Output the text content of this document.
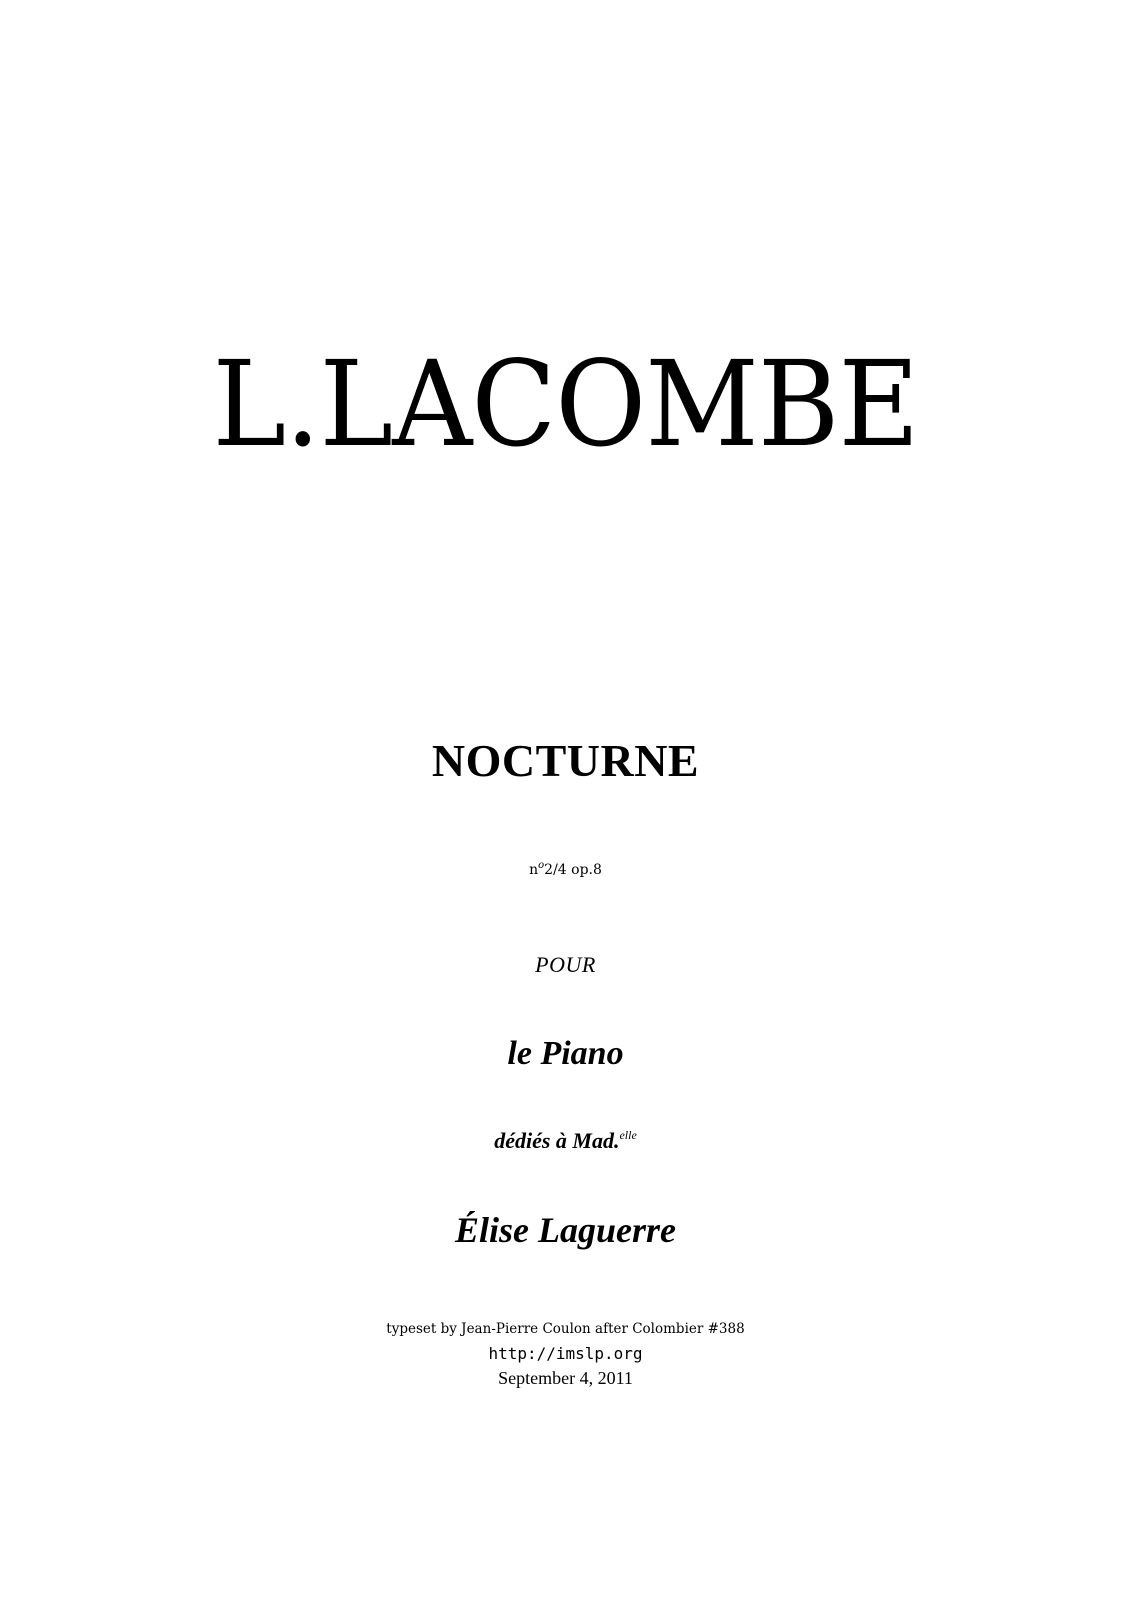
L.LACOMBE
NOCTURNE
$n^o2/4$ op.8
POUR
le Piano
dédiés à Mad.$^{elle}$
Élise Laguerre
typeset by Jean-Pierre Coulon after Colombier #388
http://imslp.org
September 4, 2011
